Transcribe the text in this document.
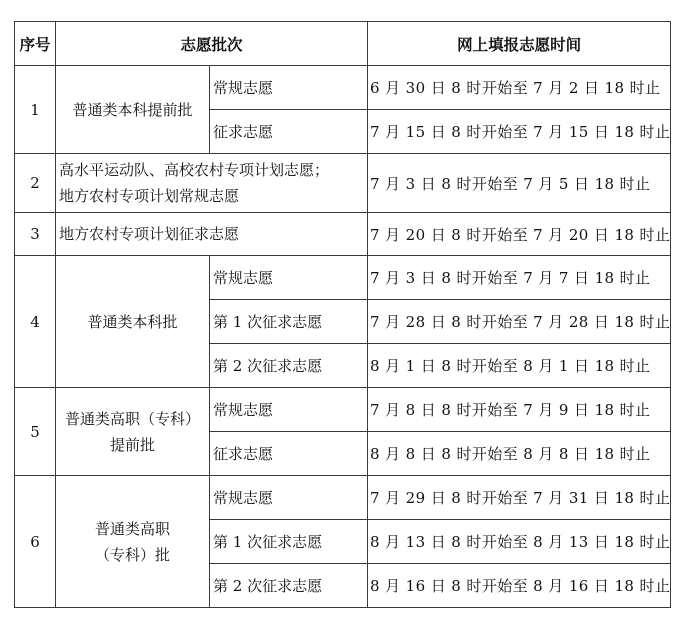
序号	志愿批次		网上填报志愿时间
1	普通类本科提前批	常规志愿	6 月 30 日 8 时开始至 7 月 2 日 18 时止
		征求志愿	7 月 15 日 8 时开始至 7 月 15 日 18 时止
2	高水平运动队、高校农村专项计划志愿；
地方农村专项计划常规志愿		7 月 3 日 8 时开始至 7 月 5 日 18 时止
3	地方农村专项计划征求志愿		7 月 20 日 8 时开始至 7 月 20 日 18 时止
4	普通类本科批	常规志愿	7 月 3 日 8 时开始至 7 月 7 日 18 时止
		第 1 次征求志愿	7 月 28 日 8 时开始至 7 月 28 日 18 时止
		第 2 次征求志愿	8 月 1 日 8 时开始至 8 月 1 日 18 时止
5	普通类高职（专科）
提前批	常规志愿	7 月 8 日 8 时开始至 7 月 9 日 18 时止
		征求志愿	8 月 8 日 8 时开始至 8 月 8 日 18 时止
6	普通类高职
（专科）批	常规志愿	7 月 29 日 8 时开始至 7 月 31 日 18 时止
		第 1 次征求志愿	8 月 13 日 8 时开始至 8 月 13 日 18 时止
		第 2 次征求志愿	8 月 16 日 8 时开始至 8 月 16 日 18 时止
